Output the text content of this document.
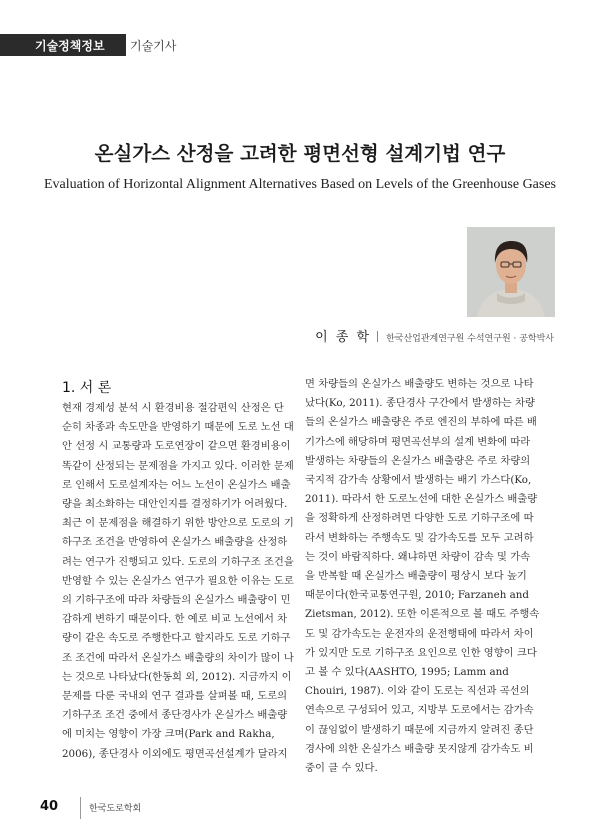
기술정책정보 기술기사
온실가스 산정을 고려한 평면선형 설계기법 연구
Evaluation of Horizontal Alignment Alternatives Based on Levels of the Greenhouse Gases
이 종 학 한국산업관계연구원 수석연구원 · 공학박사
1. 서 론
현재 경제성 분석 시 환경비용 절감편익 산정은 단
순히 차종과 속도만을 반영하기 때문에 도로 노선 대
안 선정 시 교통량과 도로연장이 같으면 환경비용이
똑같이 산정되는 문제점을 가지고 있다. 이러한 문제
로 인해서 도로설계자는 어느 노선이 온실가스 배출
량을 최소화하는 대안인지를 결정하기가 어려웠다.
최근 이 문제점을 해결하기 위한 방안으로 도로의 기
하구조 조건을 반영하여 온실가스 배출량을 산정하
려는 연구가 진행되고 있다. 도로의 기하구조 조건을
반영할 수 있는 온실가스 연구가 필요한 이유는 도로
의 기하구조에 따라 차량들의 온실가스 배출량이 민
감하게 변하기 때문이다. 한 예로 비교 노선에서 차
량이 같은 속도로 주행한다고 할지라도 도로 기하구
조 조건에 따라서 온실가스 배출량의 차이가 많이 나
는 것으로 나타났다(한동희 외, 2012). 지금까지 이
문제를 다룬 국내외 연구 결과를 살펴볼 때, 도로의
기하구조 조건 중에서 종단경사가 온실가스 배출량
에 미치는 영향이 가장 크며(Park and Rakha,
2006), 종단경사 이외에도 평면곡선설계가 달라지
면 차량들의 온실가스 배출량도 변하는 것으로 나타
났다(Ko, 2011). 종단경사 구간에서 발생하는 차량
들의 온실가스 배출량은 주로 엔진의 부하에 따른 배
기가스에 해당하며 평면곡선부의 설계 변화에 따라
발생하는 차량들의 온실가스 배출량은 주로 차량의
국지적 감가속 상황에서 발생하는 배기 가스다(Ko,
2011). 따라서 한 도로노선에 대한 온실가스 배출량
을 정확하게 산정하려면 다양한 도로 기하구조에 따
라서 변화하는 주행속도 및 감가속도를 모두 고려하
는 것이 바람직하다. 왜냐하면 차량이 감속 및 가속
을 반복할 때 온실가스 배출량이 평상시 보다 높기
때문이다(한국교통연구원, 2010; Farzaneh and
Zietsman, 2012). 또한 이론적으로 볼 때도 주행속
도 및 감가속도는 운전자의 운전행태에 따라서 차이
가 있지만 도로 기하구조 요인으로 인한 영향이 크다
고 볼 수 있다(AASHTO, 1995; Lamm and
Chouiri, 1987). 이와 같이 도로는 직선과 곡선의
연속으로 구성되어 있고, 지방부 도로에서는 감가속
이 끊임없이 발생하기 때문에 지금까지 알려진 종단
경사에 의한 온실가스 배출량 못지않게 감가속도 비
중이 클 수 있다.
40	한국도로학회
